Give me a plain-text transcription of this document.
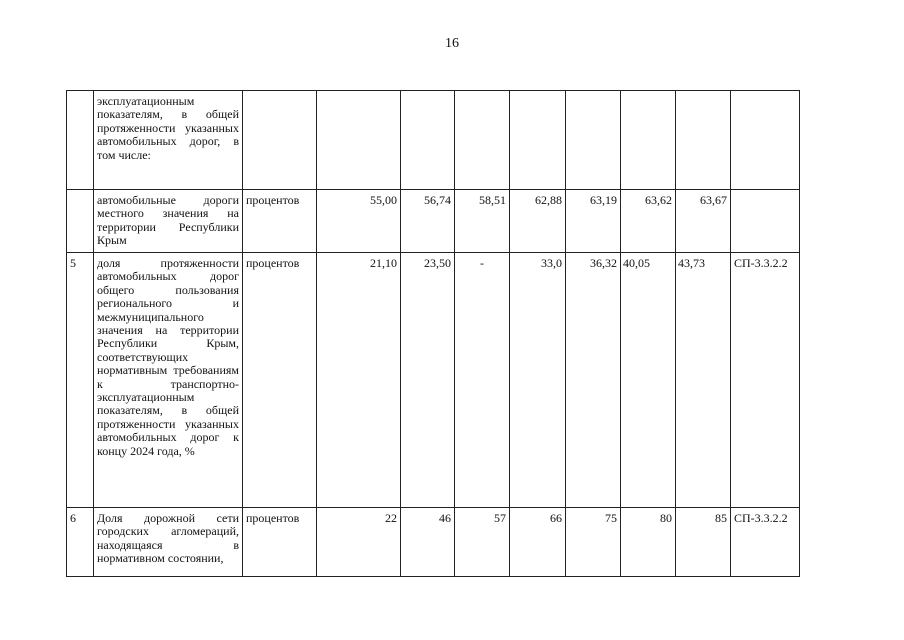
16
	эксплуатационным показателям, в общей протяженности указанных автомобильных дорог, в том числе:									
	автомобильные дороги местного значения на территории Республики Крым	процентов	55,00	56,74	58,51	62,88	63,19	63,62	63,67	
5	доля протяженности автомобильных дорог общего пользования регионального и межмуниципального значения на территории Республики Крым, соответствующих нормативным требованиям к транспортно-эксплуатационным показателям, в общей протяженности указанных автомобильных дорог к концу 2024 года, %	процентов	21,10	23,50	-	33,0	36,32	40,05	43,73	СП-3.3.2.2
6	Доля дорожной сети городских агломераций, находящаяся в нормативном состоянии,	процентов	22	46	57	66	75	80	85	СП-3.3.2.2
